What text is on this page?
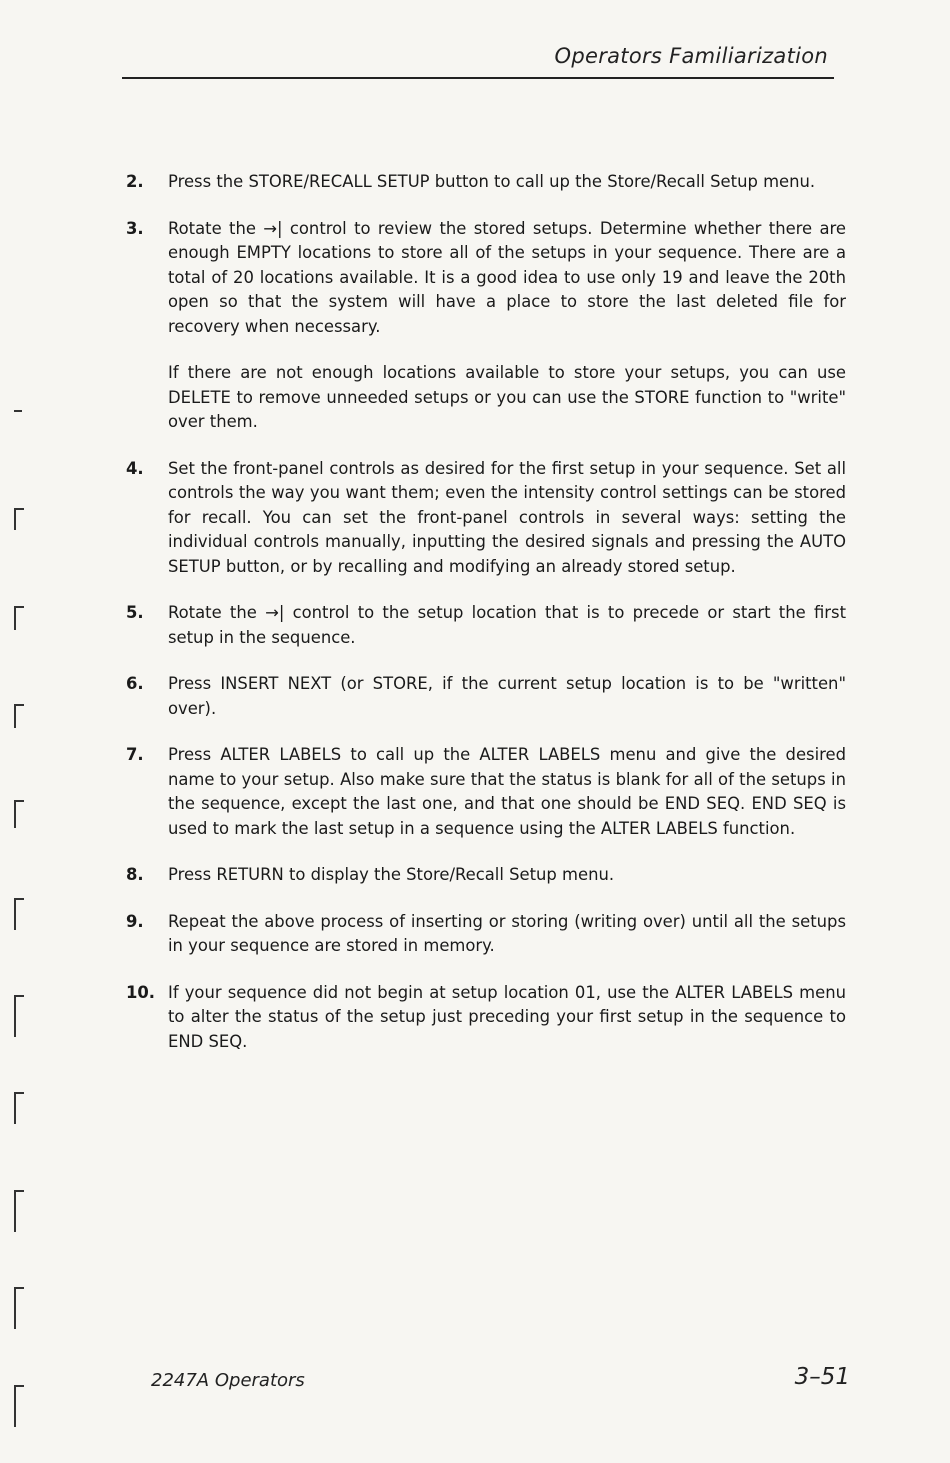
Operators Familiarization
2.	Press the STORE/RECALL SETUP button to call up the Store/Recall Setup menu.

3.	Rotate the →| control to review the stored setups. Determine whether there are enough EMPTY locations to store all of the setups in your sequence. There are a total of 20 locations available. It is a good idea to use only 19 and leave the 20th open so that the system will have a place to store the last deleted file for recovery when necessary.

If there are not enough locations available to store your setups, you can use DELETE to remove unneeded setups or you can use the STORE function to "write" over them.

4.	Set the front-panel controls as desired for the first setup in your sequence. Set all controls the way you want them; even the intensity control settings can be stored for recall. You can set the front-panel controls in several ways: setting the individual controls manually, inputting the desired signals and pressing the AUTO SETUP button, or by recalling and modifying an already stored setup.

5.	Rotate the →| control to the setup location that is to precede or start the first setup in the sequence.

6.	Press INSERT NEXT (or STORE, if the current setup location is to be "written" over).

7.	Press ALTER LABELS to call up the ALTER LABELS menu and give the desired name to your setup. Also make sure that the status is blank for all of the setups in the sequence, except the last one, and that one should be END SEQ. END SEQ is used to mark the last setup in a sequence using the ALTER LABELS function.

8.	Press RETURN to display the Store/Recall Setup menu.

9.	Repeat the above process of inserting or storing (writing over) until all the setups in your sequence are stored in memory.

10. If your sequence did not begin at setup location 01, use the ALTER LABELS menu to alter the status of the setup just preceding your first setup in the sequence to END SEQ.

2247A Operators	3–51
